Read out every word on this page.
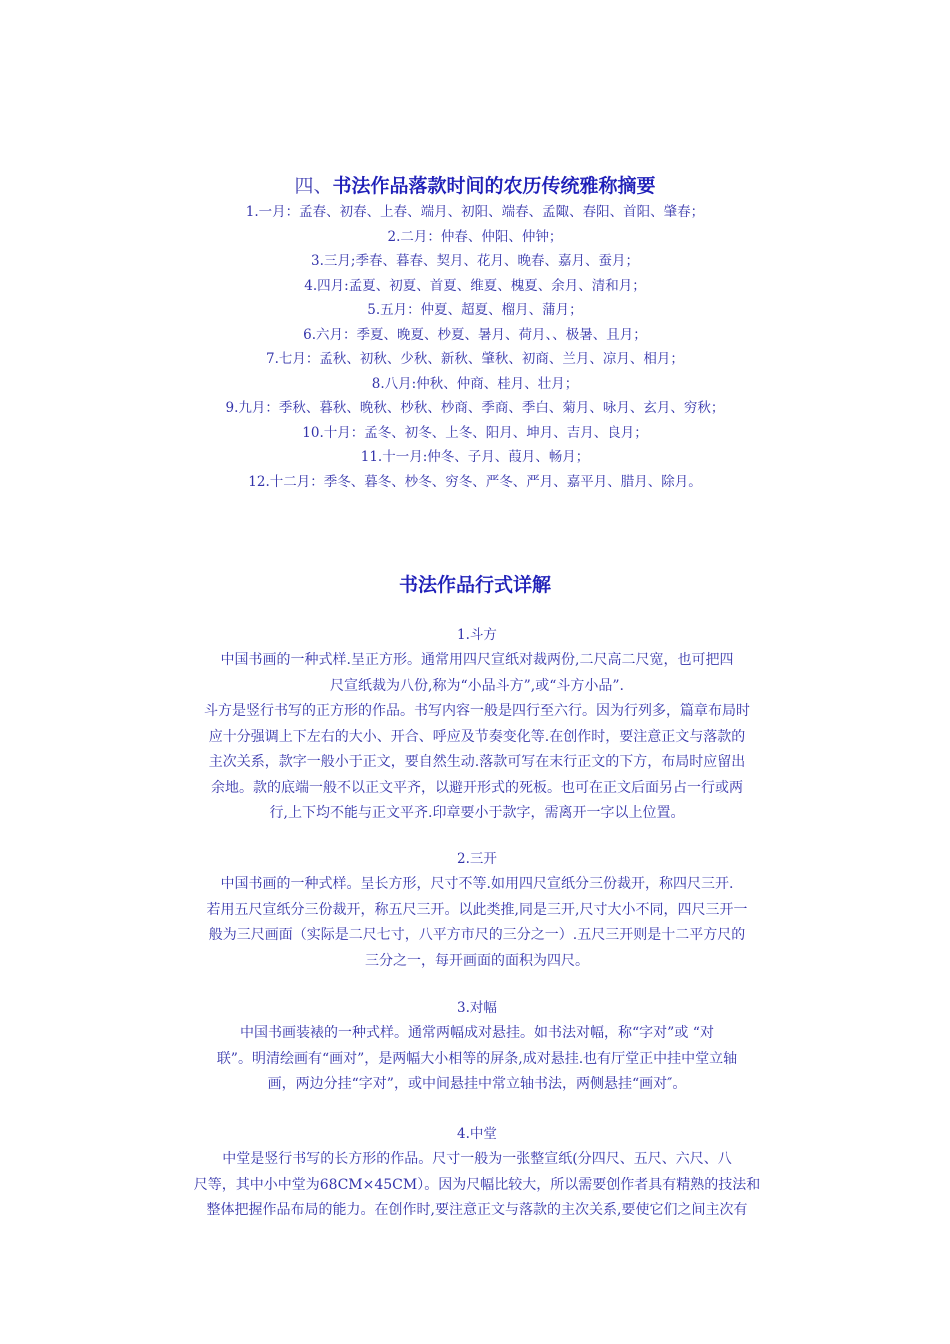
四、书法作品落款时间的农历传统雅称摘要
1.一月：孟春、初春、上春、端月、初阳、端春、孟陬、春阳、首阳、肇春；
2.二月：仲春、仲阳、仲钟；
3.三月;季春、暮春、契月、花月、晚春、嘉月、蚕月；
4.四月:孟夏、初夏、首夏、维夏、槐夏、余月、清和月；
5.五月：仲夏、超夏、榴月、蒲月；
6.六月：季夏、晚夏、杪夏、暑月、荷月、、极暑、且月；
7.七月：孟秋、初秋、少秋、新秋、肇秋、初商、兰月、凉月、相月；
8.八月:仲秋、仲商、桂月、壮月；
9.九月：季秋、暮秋、晚秋、杪秋、杪商、季商、季白、菊月、咏月、玄月、穷秋；
10.十月：孟冬、初冬、上冬、阳月、坤月、吉月、良月；
11.十一月:仲冬、子月、葭月、畅月；
12.十二月：季冬、暮冬、杪冬、穷冬、严冬、严月、嘉平月、腊月、除月。
书法作品行式详解
1.斗方

中国书画的一种式样.呈正方形。通常用四尺宣纸对裁两份,二尺高二尺宽，也可把四

尺宣纸裁为八份,称为“小品斗方”,或“斗方小品”.

斗方是竖行书写的正方形的作品。书写内容一般是四行至六行。因为行列多，篇章布局时

应十分强调上下左右的大小、开合、呼应及节奏变化等.在创作时，要注意正文与落款的

主次关系，款字一般小于正文，要自然生动.落款可写在末行正文的下方，布局时应留出

余地。款的底端一般不以正文平齐，以避开形式的死板。也可在正文后面另占一行或两

行,上下均不能与正文平齐.印章要小于款字，需离开一字以上位置。

2.三开

中国书画的一种式样。呈长方形，尺寸不等.如用四尺宣纸分三份裁开，称四尺三开.

若用五尺宣纸分三份裁开，称五尺三开。以此类推,同是三开,尺寸大小不同，四尺三开一

般为三尺画面（实际是二尺七寸，八平方市尺的三分之一）.五尺三开则是十二平方尺的

三分之一，每开画面的面积为四尺。

3.对幅

中国书画装裱的一种式样。通常两幅成对悬挂。如书法对幅，称“字对”或 “对

联”。明清绘画有“画对”，是两幅大小相等的屏条,成对悬挂.也有厅堂正中挂中堂立轴

画，两边分挂“字对”，或中间悬挂中常立轴书法，两侧悬挂“画对″。

4.中堂

中堂是竖行书写的长方形的作品。尺寸一般为一张整宣纸(分四尺、五尺、六尺、八

尺等，其中小中堂为68CM×45CM）。因为尺幅比较大，所以需要创作者具有精熟的技法和

整体把握作品布局的能力。在创作时,要注意正文与落款的主次关系,要使它们之间主次有
